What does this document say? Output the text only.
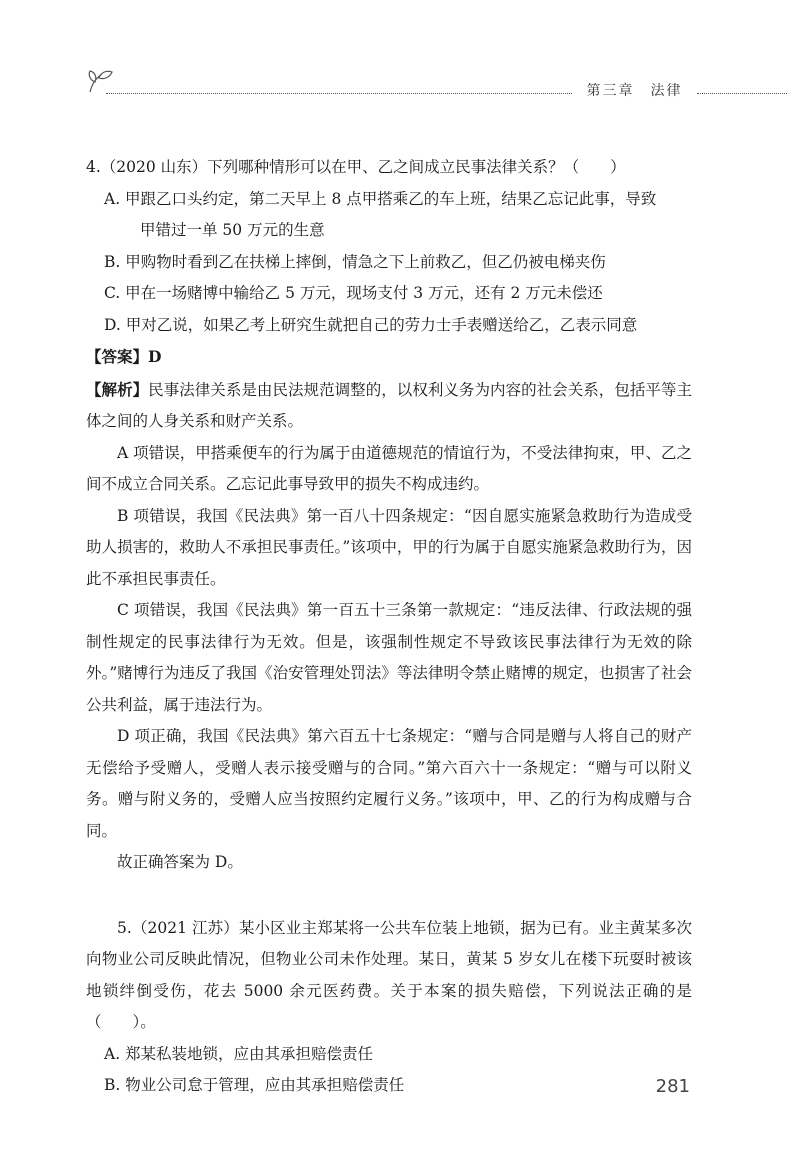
第三章　法律

4.（2020 山东）下列哪种情形可以在甲、乙之间成立民事法律关系？（　　）

A. 甲跟乙口头约定，第二天早上 8 点甲搭乘乙的车上班，结果乙忘记此事，导致

甲错过一单 50 万元的生意

B. 甲购物时看到乙在扶梯上摔倒，情急之下上前救乙，但乙仍被电梯夹伤

C. 甲在一场赌博中输给乙 5 万元，现场支付 3 万元，还有 2 万元未偿还

D. 甲对乙说，如果乙考上研究生就把自己的劳力士手表赠送给乙，乙表示同意

【答案】D

【解析】民事法律关系是由民法规范调整的，以权利义务为内容的社会关系，包括平等主体之间的人身关系和财产关系。

A 项错误，甲搭乘便车的行为属于由道德规范的情谊行为，不受法律拘束，甲、乙之间不成立合同关系。乙忘记此事导致甲的损失不构成违约。

B 项错误，我国《民法典》第一百八十四条规定：“因自愿实施紧急救助行为造成受助人损害的，救助人不承担民事责任。”该项中，甲的行为属于自愿实施紧急救助行为，因此不承担民事责任。

C 项错误，我国《民法典》第一百五十三条第一款规定：“违反法律、行政法规的强制性规定的民事法律行为无效。但是，该强制性规定不导致该民事法律行为无效的除外。”赌博行为违反了我国《治安管理处罚法》等法律明令禁止赌博的规定，也损害了社会公共利益，属于违法行为。

D 项正确，我国《民法典》第六百五十七条规定：“赠与合同是赠与人将自己的财产无偿给予受赠人，受赠人表示接受赠与的合同。”第六百六十一条规定：“赠与可以附义务。赠与附义务的，受赠人应当按照约定履行义务。”该项中，甲、乙的行为构成赠与合同。

故正确答案为 D。

5.（2021 江苏）某小区业主郑某将一公共车位装上地锁，据为已有。业主黄某多次向物业公司反映此情况，但物业公司未作处理。某日，黄某 5 岁女儿在楼下玩耍时被该地锁绊倒受伤，花去 5000 余元医药费。关于本案的损失赔偿，下列说法正确的是（　　）。

A. 郑某私装地锁，应由其承担赔偿责任

B. 物业公司怠于管理，应由其承担赔偿责任	281
